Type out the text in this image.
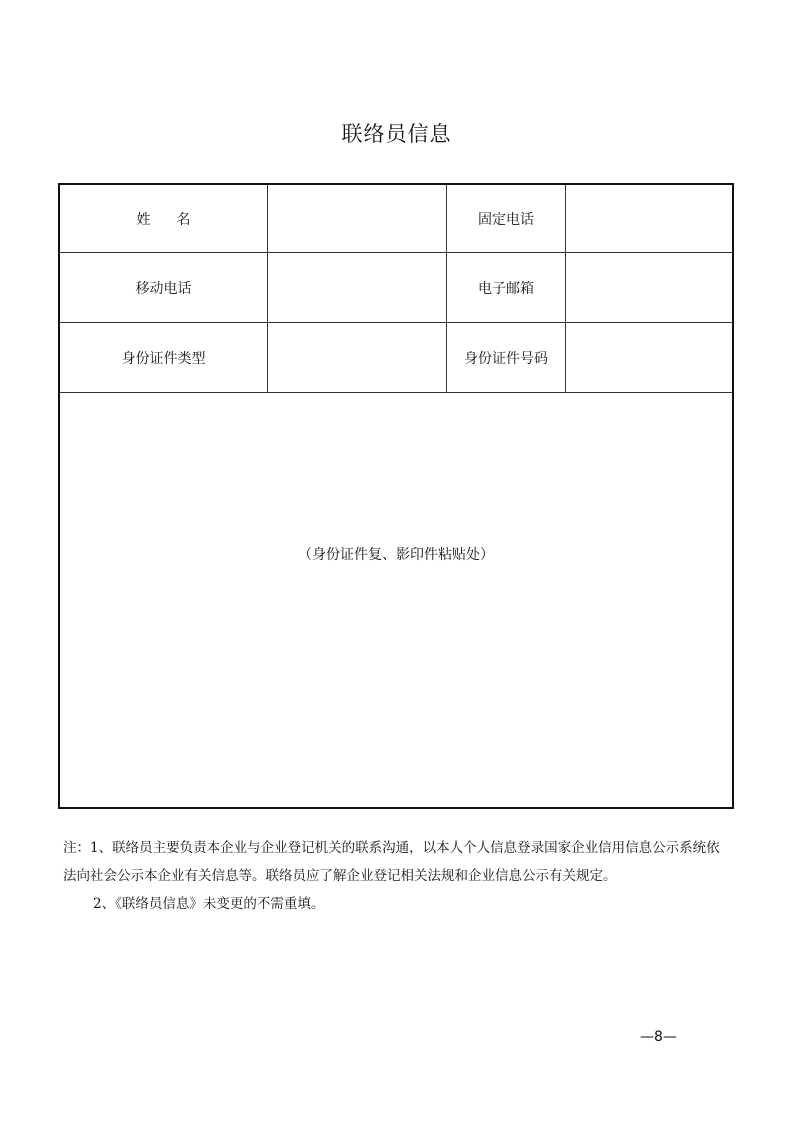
联络员信息
姓名	固定电话
移动电话	电子邮箱
身份证件类型	身份证件号码
（身份证件复、影印件粘贴处）
注：1、联络员主要负责本企业与企业登记机关的联系沟通，以本人个人信息登录国家企业信用信息公示系统依
法向社会公示本企业有关信息等。联络员应了解企业登记相关法规和企业信息公示有关规定。
2、《联络员信息》未变更的不需重填。
—8—
